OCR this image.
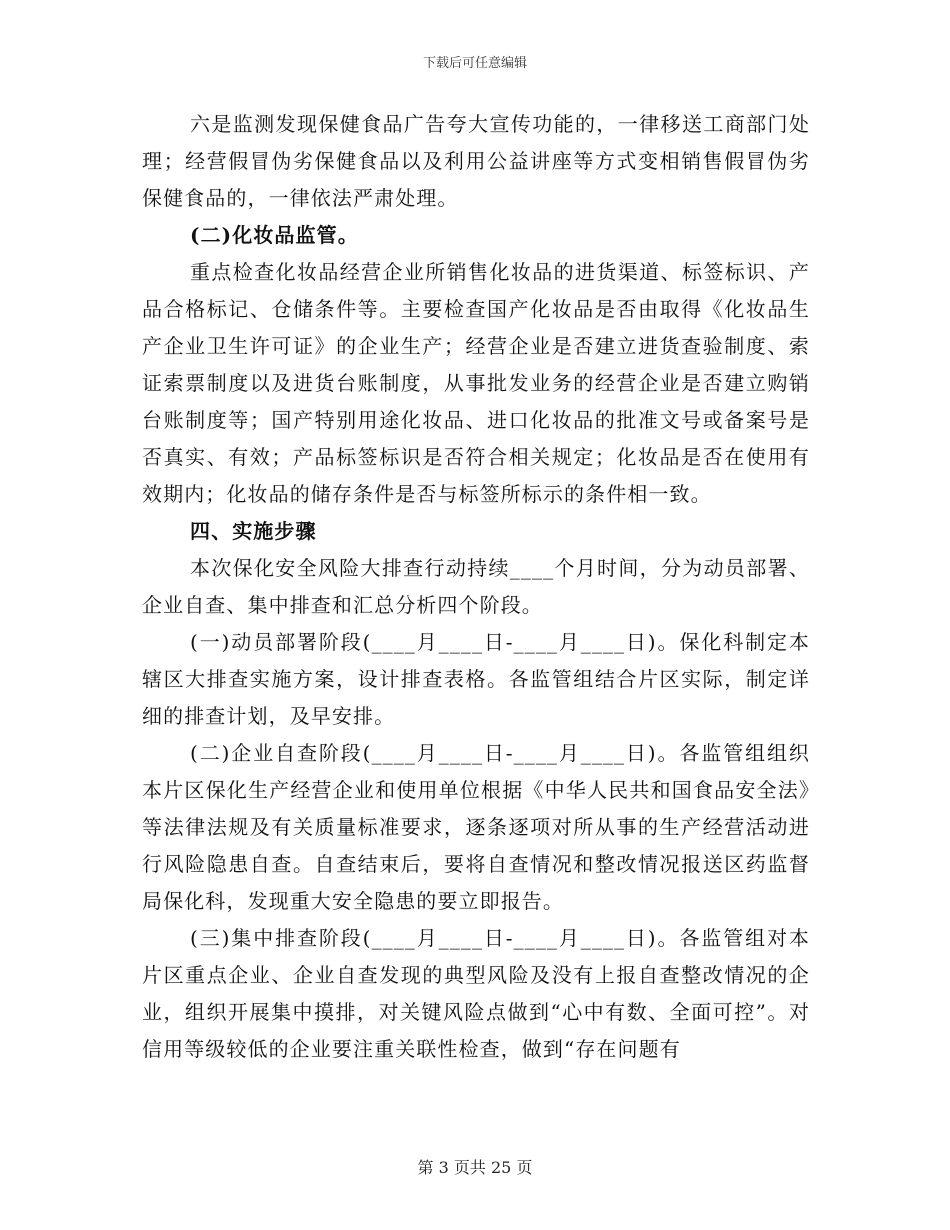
下载后可任意编辑

六是监测发现保健食品广告夸大宣传功能的，一律移送工商部门处理；经营假冒伪劣保健食品以及利用公益讲座等方式变相销售假冒伪劣保健食品的，一律依法严肃处理。

(二)化妆品监管。

重点检查化妆品经营企业所销售化妆品的进货渠道、标签标识、产品合格标记、仓储条件等。主要检查国产化妆品是否由取得《化妆品生产企业卫生许可证》的企业生产；经营企业是否建立进货查验制度、索证索票制度以及进货台账制度，从事批发业务的经营企业是否建立购销台账制度等；国产特别用途化妆品、进口化妆品的批准文号或备案号是否真实、有效；产品标签标识是否符合相关规定；化妆品是否在使用有效期内；化妆品的储存条件是否与标签所标示的条件相一致。

四、实施步骤

本次保化安全风险大排查行动持续____个月时间，分为动员部署、企业自查、集中排查和汇总分析四个阶段。

(一)动员部署阶段(____月____日-____月____日)。保化科制定本辖区大排查实施方案，设计排查表格。各监管组结合片区实际，制定详细的排查计划，及早安排。

(二)企业自查阶段(____月____日-____月____日)。各监管组组织本片区保化生产经营企业和使用单位根据《中华人民共和国食品安全法》等法律法规及有关质量标准要求，逐条逐项对所从事的生产经营活动进行风险隐患自查。自查结束后，要将自查情况和整改情况报送区药监督局保化科，发现重大安全隐患的要立即报告。

(三)集中排查阶段(____月____日-____月____日)。各监管组对本片区重点企业、企业自查发现的典型风险及没有上报自查整改情况的企业，组织开展集中摸排，对关键风险点做到“心中有数、全面可控”。对信用等级较低的企业要注重关联性检查，做到“存在问题有

第 3 页共 25 页
